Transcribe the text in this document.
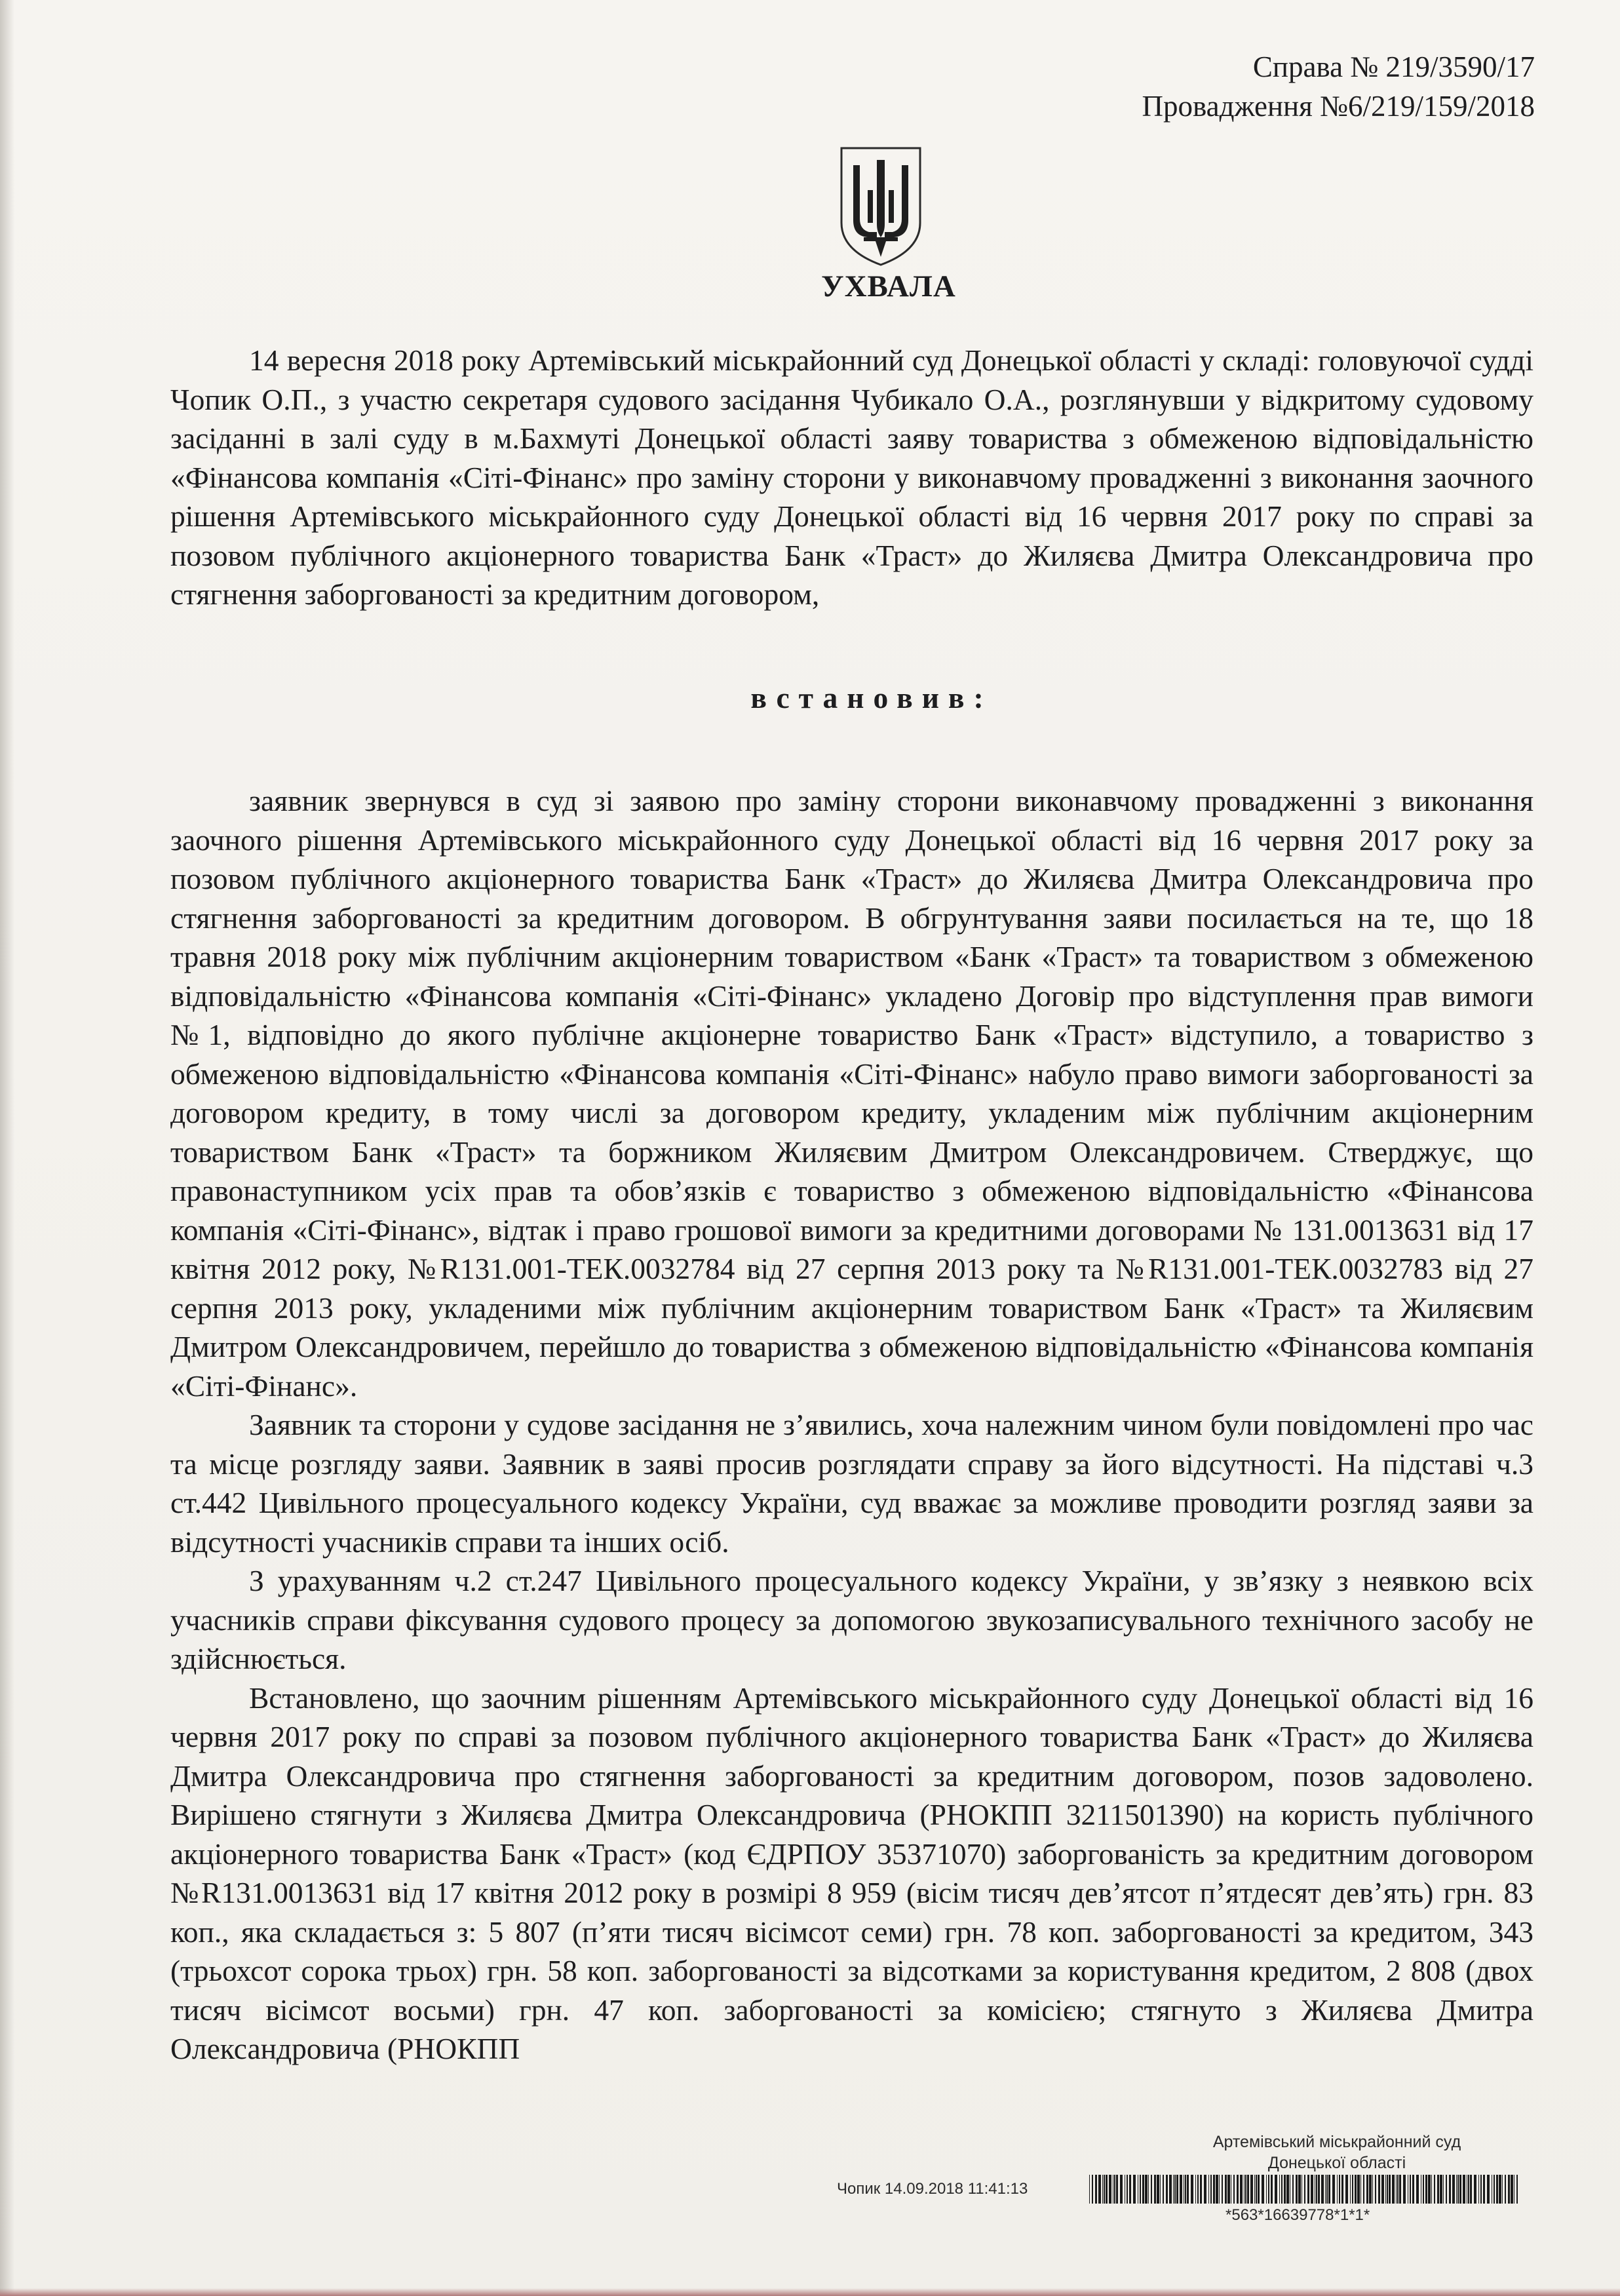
Справа № 219/3590/17
Провадження №6/219/159/2018
УХВАЛА

14 вересня 2018 року Артемівський міськрайонний суд Донецької області у складі: головуючої судді Чопик О.П., з участю секретаря судового засідання Чубикало О.А., розглянувши у відкритому судовому засіданні в залі суду в м.Бахмуті Донецької області заяву товариства з обмеженою відповідальністю «Фінансова компанія «Сіті-Фінанс» про заміну сторони у виконавчому провадженні з виконання заочного рішення Артемівського міськрайонного суду Донецької області від 16 червня 2017 року по справі за позовом публічного акціонерного товариства Банк «Траст» до Жиляєва Дмитра Олександровича про стягнення заборгованості за кредитним договором,

встановив:

заявник звернувся в суд зі заявою про заміну сторони виконавчому провадженні з виконання заочного рішення Артемівського міськрайонного суду Донецької області від 16 червня 2017 року за позовом публічного акціонерного товариства Банк «Траст» до Жиляєва Дмитра Олександровича про стягнення заборгованості за кредитним договором. В обгрунтування заяви посилається на те, що 18 травня 2018 року між публічним акціонерним товариством «Банк «Траст» та товариством з обмеженою відповідальністю «Фінансова компанія «Сіті-Фінанс» укладено Договір про відступлення прав вимоги №1, відповідно до якого публічне акціонерне товариство Банк «Траст» відступило, а товариство з обмеженою відповідальністю «Фінансова компанія «Сіті-Фінанс» набуло право вимоги заборгованості за договором кредиту, в тому числі за договором кредиту, укладеним між публічним акціонерним товариством Банк «Траст» та боржником Жиляєвим Дмитром Олександровичем. Стверджує, що правонаступником усіх прав та обов’язків є товариство з обмеженою відповідальністю «Фінансова компанія «Сіті-Фінанс», відтак і право грошової вимоги за кредитними договорами № 131.0013631 від 17 квітня 2012 року, №R131.001-ТЕК.0032784 від 27 серпня 2013 року та №R131.001-ТЕК.0032783 від 27 серпня 2013 року, укладеними між публічним акціонерним товариством Банк «Траст» та Жиляєвим Дмитром Олександровичем, перейшло до товариства з обмеженою відповідальністю «Фінансова компанія «Сіті-Фінанс».

Заявник та сторони у судове засідання не з’явились, хоча належним чином були повідомлені про час та місце розгляду заяви. Заявник в заяві просив розглядати справу за його відсутності. На підставі ч.3 ст.442 Цивільного процесуального кодексу України, суд вважає за можливе проводити розгляд заяви за відсутності учасників справи та інших осіб.

З урахуванням ч.2 ст.247 Цивільного процесуального кодексу України, у зв’язку з неявкою всіх учасників справи фіксування судового процесу за допомогою звукозаписувального технічного засобу не здійснюється.

Встановлено, що заочним рішенням Артемівського міськрайонного суду Донецької області від 16 червня 2017 року по справі за позовом публічного акціонерного товариства Банк «Траст» до Жиляєва Дмитра Олександровича про стягнення заборгованості за кредитним договором, позов задоволено. Вирішено стягнути з Жиляєва Дмитра Олександровича (РНОКПП 3211501390) на користь публічного акціонерного товариства Банк «Траст» (код ЄДРПОУ 35371070) заборгованість за кредитним договором №R131.0013631 від 17 квітня 2012 року в розмірі 8 959 (вісім тисяч дев’ятсот п’ятдесят дев’ять) грн. 83 коп., яка складається з: 5 807 (п’яти тисяч вісімсот семи) грн. 78 коп. заборгованості за кредитом, 343 (трьохсот сорока трьох) грн. 58 коп. заборгованості за відсотками за користування кредитом, 2 808 (двох тисяч вісімсот восьми) грн. 47 коп. заборгованості за комісією; стягнуто з Жиляєва Дмитра Олександровича (РНОКПП

Артемівський міськрайонний суд
Донецької області
Чопик 14.09.2018 11:41:13
*563*16639778*1*1*
